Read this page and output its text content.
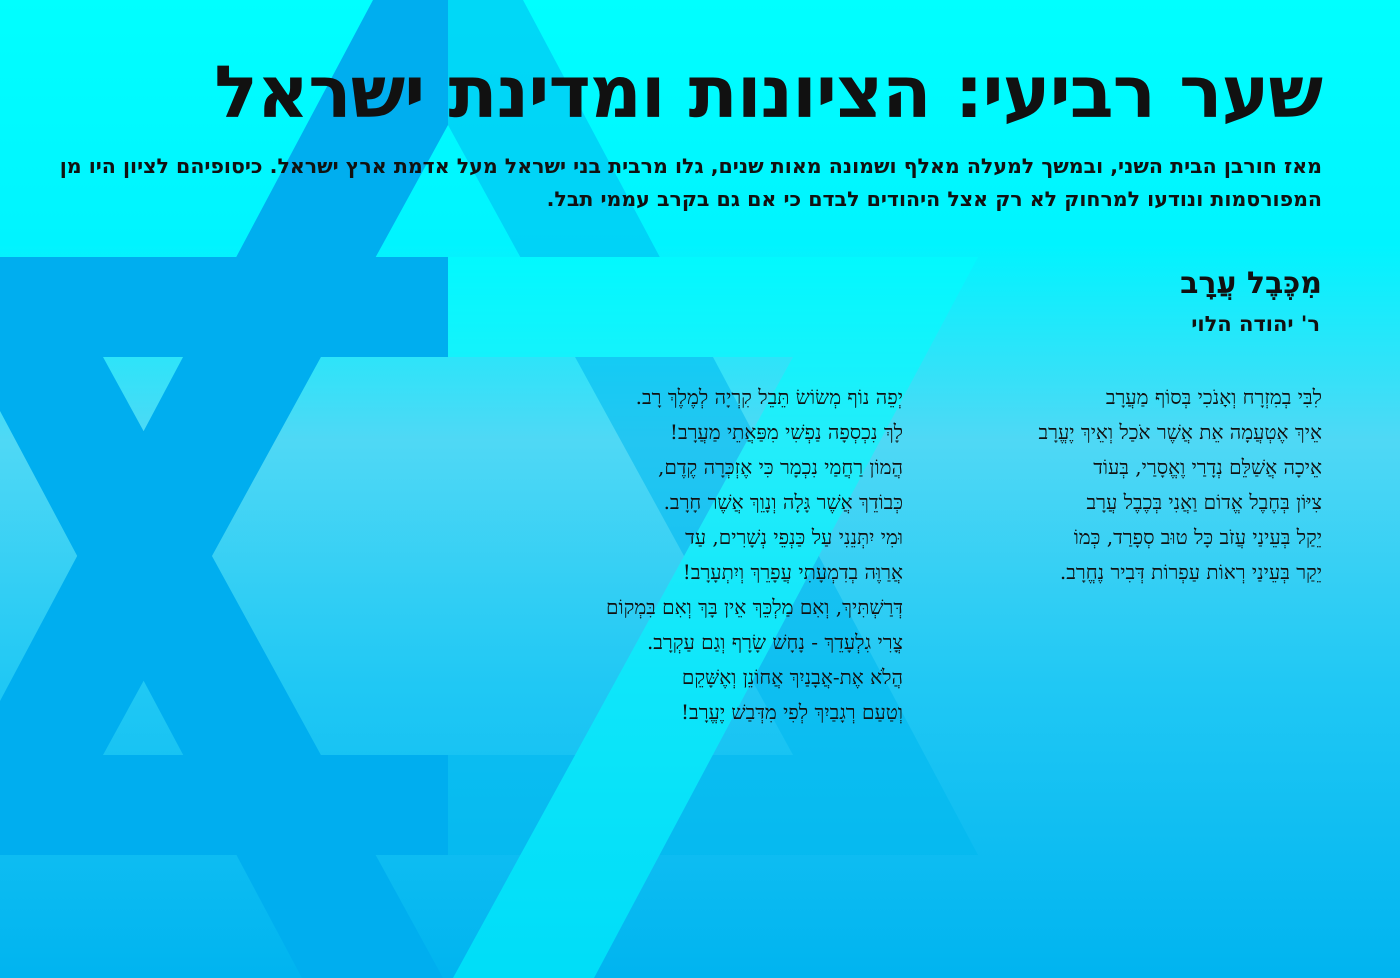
שער רביעי: הציונות ומדינת ישראל

מאז חורבן הבית השני, ובמשך למעלה מאלף ושמונה מאות שנים, גלו מרבית בני ישראל מעל אדמת ארץ ישראל. כיסופיהם לציון היו מן המפורסמות ונודעו למרחוק לא רק אצל היהודים לבדם כי אם גם בקרב עממי תבל.

מִכֶּבֶל עֲרָב

ר' יהודה הלוי

לִבִּי בְמִזְרָח וְאָנֹכִי בְּסוֹף מַעֲרָב
אֵיךְ אֶטְעֲמָה אֵת אֲשֶׁר אֹכַל וְאֵיךְ יֶעֱרָב
אֵיכָה אֲשַׁלֵּם נְדָרַי וֶאֱסָרַי, בְּעוֹד
צִיּוֹן בְּחֶבֶל אֱדוֹם וַאֲנִי בְּכֶבֶל עֲרָב
יֵקַל בְּעֵינַי עֲזֹב כָּל טוּב סְפָרַד, כְּמוֹ
יֵקַר בְּעֵינַי רְאוֹת עַפְרוֹת דְּבִיר נֶחֱרָב.
יְפֵה נוֹף מְשׂוֹשׂ תֵּבֵל קִרְיָה לְמֶלֶךְ רָב.
לָךְ נִכְסְפָה נַפְשִׁי מִפַּאֲתֵי מַעֲרָב!
הֲמוֹן רַחֲמַי נִכְמָר כִּי אֶזְכְּרָה קֶדֶם,
כְּבוֹדֵךְ אֲשֶׁר גָּלָה וְנָוֵךְ אֲשֶׁר חָרָב.
וּמִי יִתְּנֵנִי עַל כַּנְפֵי נְשָׁרִים, עַד
אֲרַוֶּה בְדִמְעָתִי עֲפָרֵךְ וְיִתְעָרָב!
דְּרַשְׁתִּיךְ, וְאִם מַלְכֵּךְ אֵין בָּךְ וְאִם בִּמְקוֹם
צֳרִי גִלְעָדֵךְ - נָחָשׁ שָׂרָף וְגַם עַקְרָב.
הֲלֹא אֶת-אֲבָנַיִךְ אֲחוֹנֵן וְאֶשָּׁקֵם
וְטַעַם רְגָבַיִךְ לְפִי מִדְּבַשׁ יֶעֱרָב!
